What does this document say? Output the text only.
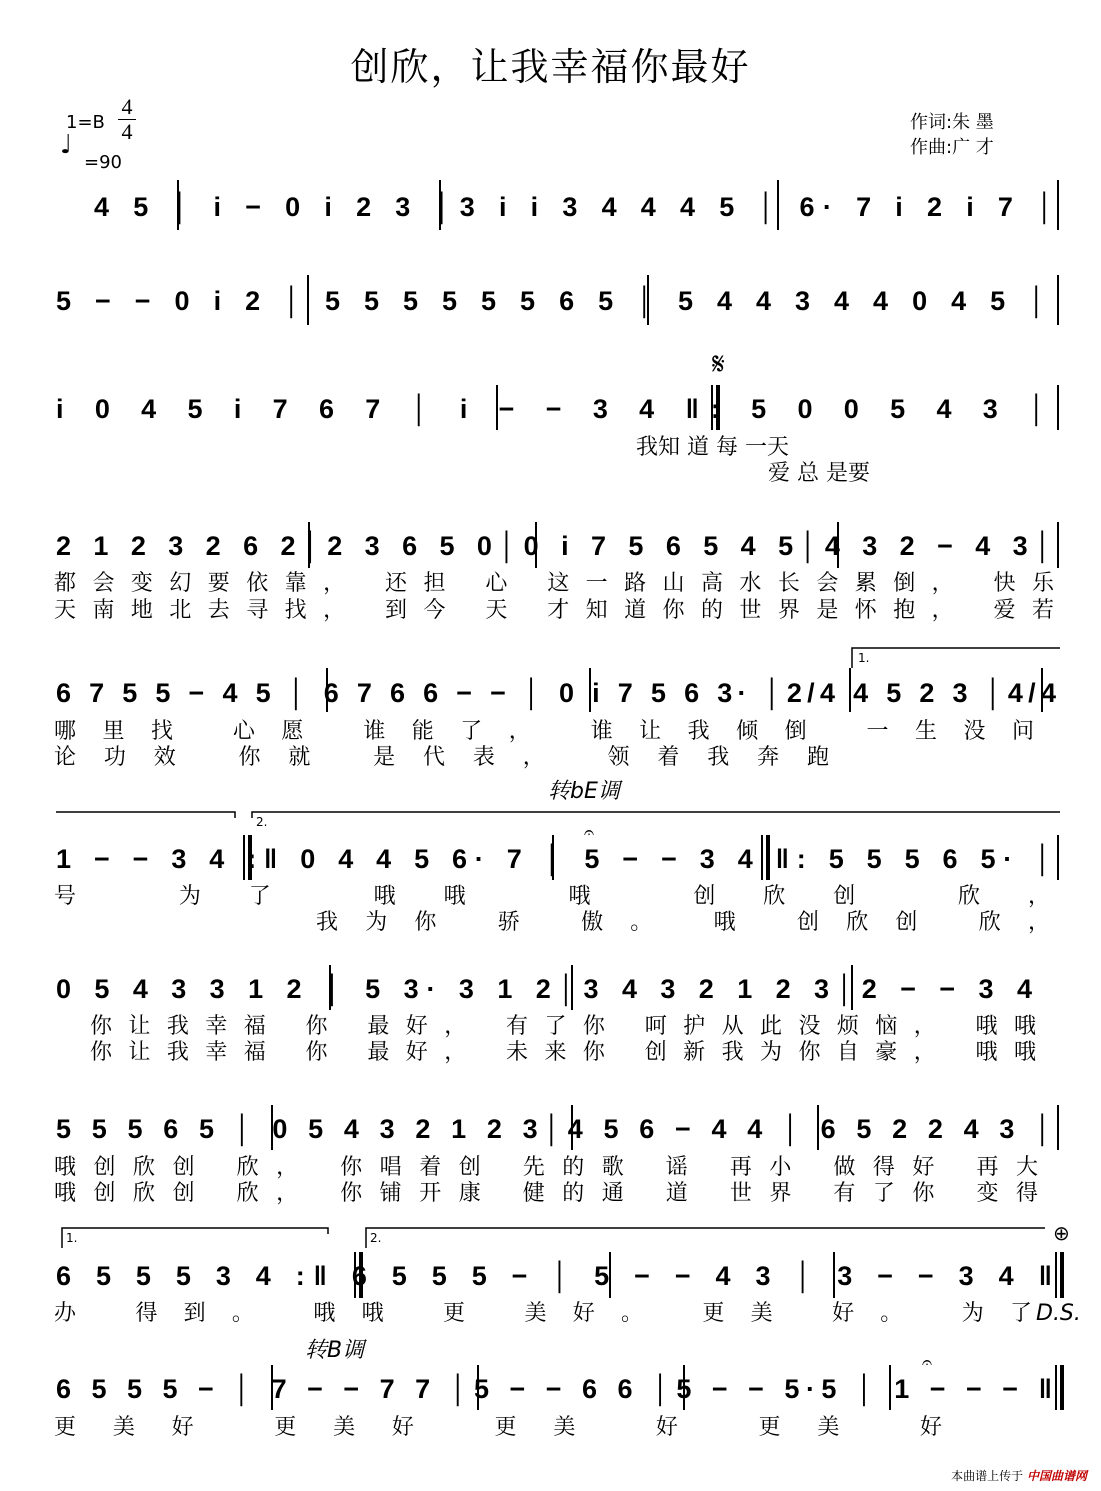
创欣，让我幸福你最好
1=B
4
4
♩
=90
作词:朱 墨
作曲:广 才
𝄋
⊕
𝄐
𝄐
转bE调
转B调
D.S.
1.
2.
1.	2.
4 5 │ i − 0 i 2 3 │3 i i 3 4 4 4 5 │ 6· 7 i 2 i 7 │
5 − − 0 i 2 │ 5 5 5 5 5 5 6 5 │ 5 4 4 3 4 4 0 4 5 │
i 0 4 5 i 7 6 7 │ i − − 3 4 ‖: 5 0 0 5 4 3 │
2 1 2 3 2 6 2│2 3 6 5 0│0 i 7 5 6 5 4 5│4 3 2 − 4 3│
6 7 5 5 − 4 5 │ 6 7 6 6 − − │ 0 i 7 5 6 3· │2/4 4 5 2 3 │4/4
1 − − 3 4 :‖ 0 4 4 5 6· 7 │ 5 − − 3 4 ‖: 5 5 5 6 5· │
0 5 4 3 3 1 2 │ 5 3· 3 1 2│3 4 3 2 1 2 3│2 − − 3 4
5 5 5 6 5 │ 0 5 4 3 2 1 2 3│4 5 6 − 4 4 │ 6 5 2 2 4 3 │
6 5 5 5 3 4 :‖ 6 5 5 5 − │ 5 − − 4 3 │ 3 − − 3 4 ‖
6 5 5 5 − │ 7 − − 7 7 │5 − − 6 6 │5 − − 5·5 │ 1 − − − ‖
我知 道 每 一天
爱 总 是要
都会变幻要依靠， 还担 心 这一路山高水长会累倒， 快乐
天南地北去寻找， 到今 天 才知道你的世界是怀抱， 爱若
哪里找 心愿 谁能了， 谁让我倾倒 一生没问
论功效 你就 是代表， 领着我奔跑
号 为了 哦哦 哦 创欣创 欣，
我为你 骄 傲。 哦 创欣创 欣，
你让我幸福 你 最好， 有了你 呵护从此没烦恼， 哦哦
你让我幸福 你 最好， 未来你 创新我为你自豪， 哦哦
哦创欣创 欣， 你唱着创 先的歌 谣 再小 做得好 再大
哦创欣创 欣， 你铺开康 健的通 道 世界 有了你 变得
办 得到。 哦哦 更 美好。 更美 好。 为了
更美好 更美好 更美 好 更美 好
本曲谱上传于 中国曲谱网
